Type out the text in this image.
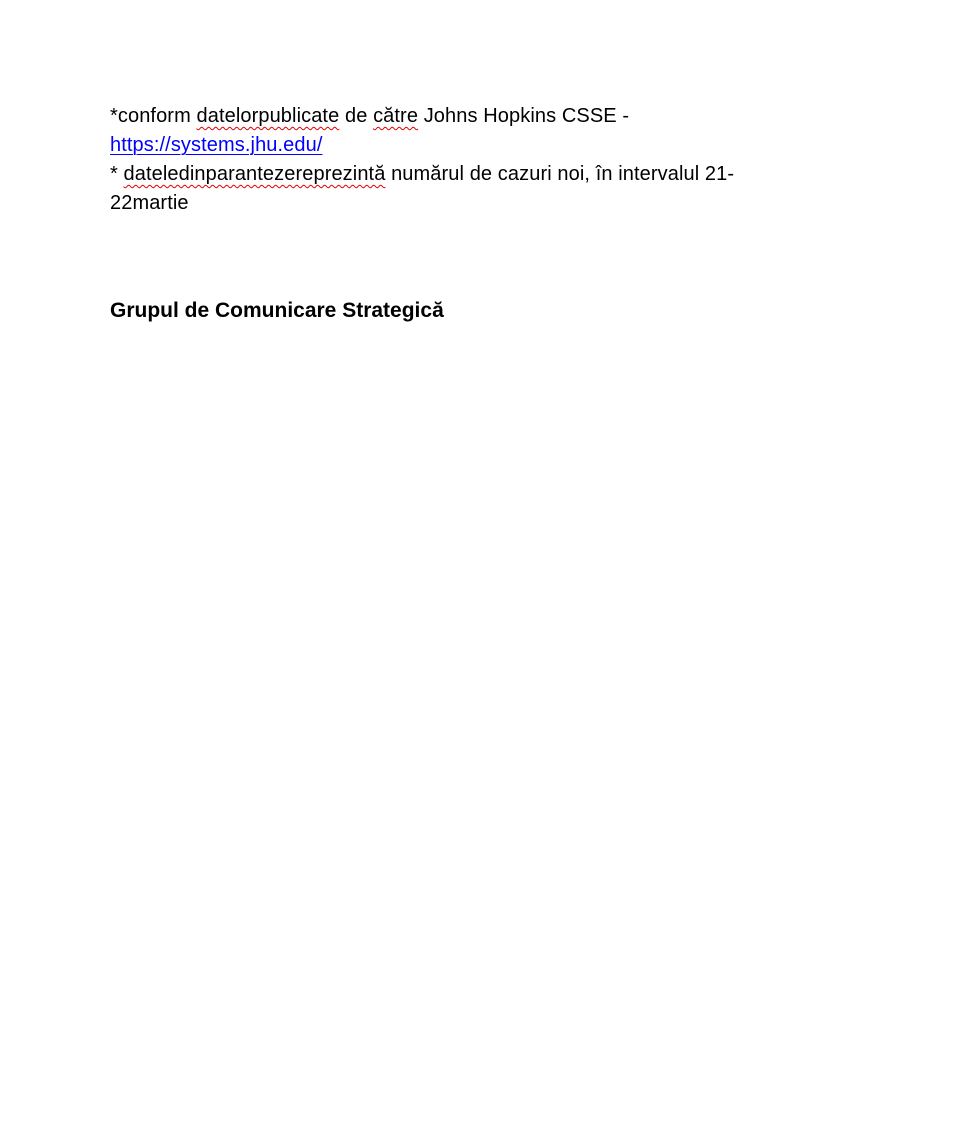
*conform datelorpublicate de către Johns Hopkins CSSE -

https://systems.jhu.edu/

* dateledinparantezereprezintă numărul de cazuri noi, în intervalul 21-

22martie

Grupul de Comunicare Strategică
